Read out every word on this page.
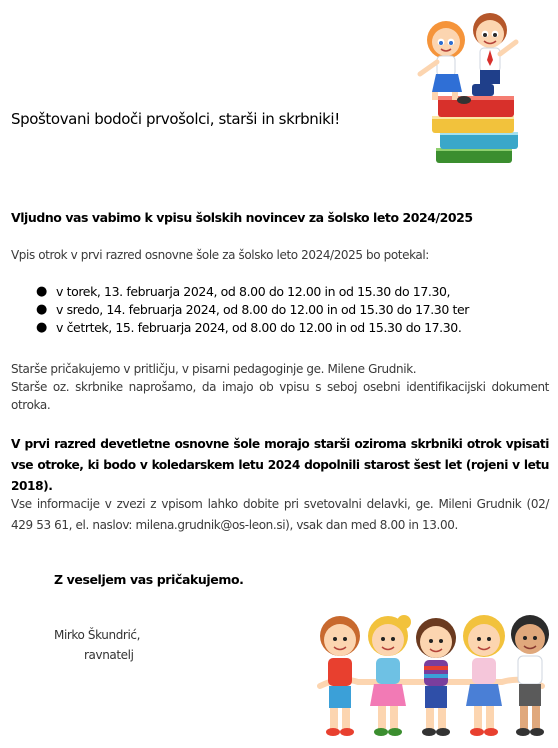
Spoštovani bodoči prvošolci, starši in skrbniki!
Vljudno vas vabimo k vpisu šolskih novincev za šolsko leto 2024/2025
Vpis otrok v prvi razred osnovne šole za šolsko leto 2024/2025 bo potekal:
● v torek, 13. februarja 2024, od 8.00 do 12.00 in od 15.30 do 17.30,
● v sredo, 14. februarja 2024, od 8.00 do 12.00 in od 15.30 do 17.30 ter
● v četrtek, 15. februarja 2024, od 8.00 do 12.00 in od 15.30 do 17.30.
Starše pričakujemo v pritličju, v pisarni pedagoginje ge. Milene Grudnik.
Starše oz. skrbnike naprošamo, da imajo ob vpisu s seboj osebni identifikacijski dokument otroka.
V prvi razred devetletne osnovne šole morajo starši oziroma skrbniki otrok vpisati vse otroke, ki bodo v koledarskem letu 2024 dopolnili starost šest let (rojeni v letu 2018).
Vse informacije v zvezi z vpisom lahko dobite pri svetovalni delavki, ge. Mileni Grudnik (02/ 429 53 61, el. naslov: milena.grudnik@os-leon.si), vsak dan med 8.00 in 13.00.
Z veseljem vas pričakujemo.
Mirko Škundrić,
ravnatelj
